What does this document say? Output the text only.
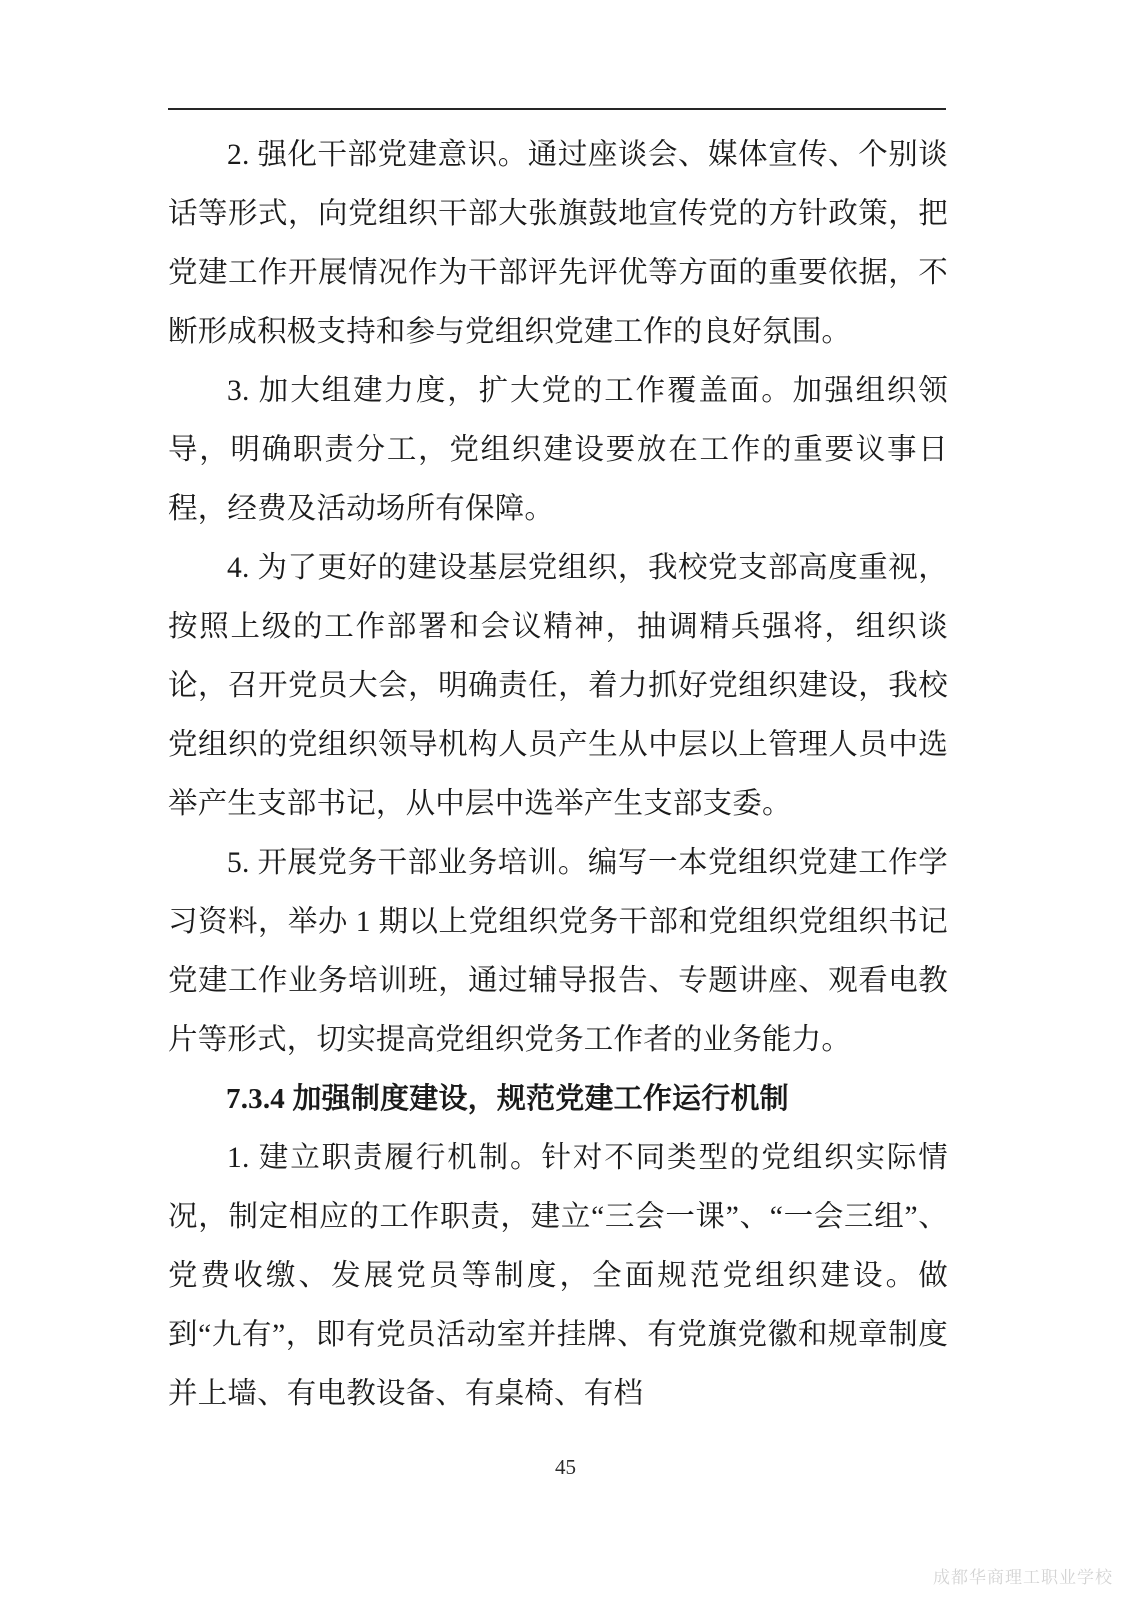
2. 强化干部党建意识。通过座谈会、媒体宣传、个别谈话等形式，向党组织干部大张旗鼓地宣传党的方针政策，把党建工作开展情况作为干部评先评优等方面的重要依据，不断形成积极支持和参与党组织党建工作的良好氛围。

3. 加大组建力度，扩大党的工作覆盖面。加强组织领导，明确职责分工，党组织建设要放在工作的重要议事日程，经费及活动场所有保障。

4. 为了更好的建设基层党组织，我校党支部高度重视，按照上级的工作部署和会议精神，抽调精兵强将，组织谈论，召开党员大会，明确责任，着力抓好党组织建设，我校党组织的党组织领导机构人员产生从中层以上管理人员中选举产生支部书记，从中层中选举产生支部支委。

5. 开展党务干部业务培训。编写一本党组织党建工作学习资料，举办 1 期以上党组织党务干部和党组织党组织书记党建工作业务培训班，通过辅导报告、专题讲座、观看电教片等形式，切实提高党组织党务工作者的业务能力。

7.3.4 加强制度建设，规范党建工作运行机制

1. 建立职责履行机制。针对不同类型的党组织实际情况，制定相应的工作职责，建立“三会一课”、“一会三组”、党费收缴、发展党员等制度，全面规范党组织建设。做到“九有”，即有党员活动室并挂牌、有党旗党徽和规章制度并上墙、有电教设备、有桌椅、有档

45
成都华商理工职业学校
